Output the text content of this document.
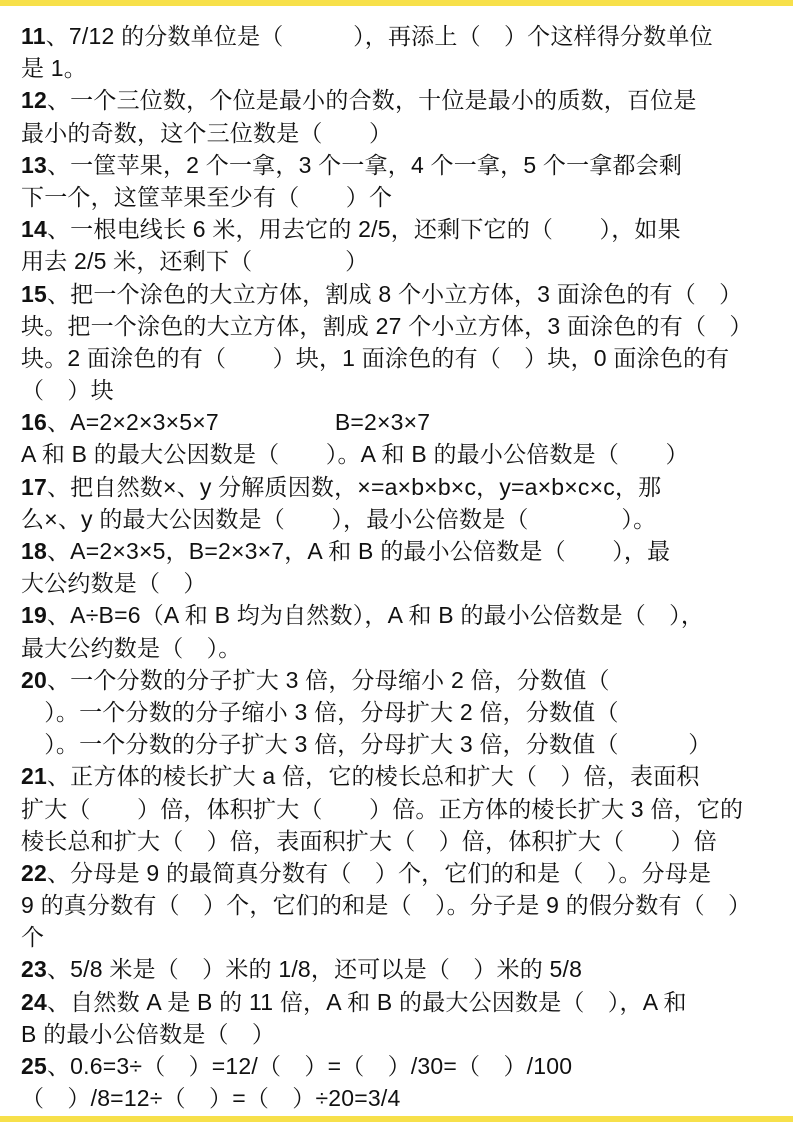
11、7/12 的分数单位是（　　　），再添上（　）个这样得分数单位
是 1。
12、一个三位数，个位是最小的合数，十位是最小的质数，百位是
最小的奇数，这个三位数是（　　）
13、一筐苹果，2 个一拿，3 个一拿，4 个一拿，5 个一拿都会剩
下一个，这筐苹果至少有（　　）个
14、一根电线长 6 米，用去它的 2/5，还剩下它的（　　），如果
用去 2/5 米，还剩下（　　　　）
15、把一个涂色的大立方体，割成 8 个小立方体，3 面涂色的有（　）
块。把一个涂色的大立方体，割成 27 个小立方体，3 面涂色的有（　）
块。2 面涂色的有（　　）块，1 面涂色的有（　）块，0 面涂色的有
（　）块
16、A=2×2×3×5×7　　　　　B=2×3×7
A 和 B 的最大公因数是（　　）。A 和 B 的最小公倍数是（　　）
17、把自然数×、y 分解质因数，×=a×b×b×c，y=a×b×c×c，那
么×、y 的最大公因数是（　　），最小公倍数是（　　　　）。
18、A=2×3×5，B=2×3×7，A 和 B 的最小公倍数是（　　），最
大公约数是（　）
19、A÷B=6（A 和 B 均为自然数），A 和 B 的最小公倍数是（　），
最大公约数是（　）。
20、一个分数的分子扩大 3 倍，分母缩小 2 倍，分数值（
　）。一个分数的分子缩小 3 倍，分母扩大 2 倍，分数值（
　）。一个分数的分子扩大 3 倍，分母扩大 3 倍，分数值（　　　）
21、正方体的棱长扩大 a 倍，它的棱长总和扩大（　）倍，表面积
扩大（　　）倍，体积扩大（　　）倍。正方体的棱长扩大 3 倍，它的
棱长总和扩大（　）倍，表面积扩大（　）倍，体积扩大（　　）倍
22、分母是 9 的最简真分数有（　）个，它们的和是（　）。分母是
9 的真分数有（　）个，它们的和是（　）。分子是 9 的假分数有（　）
个
23、5/8 米是（　）米的 1/8，还可以是（　）米的 5/8
24、自然数 A 是 B 的 11 倍，A 和 B 的最大公因数是（　），A 和
B 的最小公倍数是（　）
25、0.6=3÷（　）=12/（　）=（　）/30=（　）/100
（　）/8=12÷（　）=（　）÷20=3/4
